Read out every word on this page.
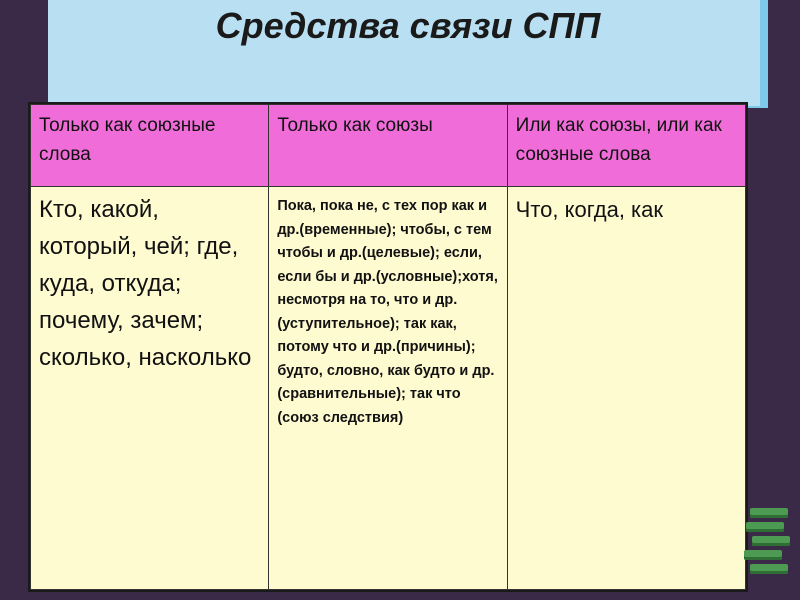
Средства связи СПП
Только как союзные слова	Только как союзы	Или как союзы, или как союзные слова
Кто, какой, который, чей; где, куда, откуда; почему, зачем; сколько, насколько	Пока, пока не, с тех пор как и др.(временные); чтобы, с тем чтобы и др.(целевые); если, если бы и др.(условные);хотя, несмотря на то, что и др.(уступительное); так как, потому что и др.(причины); будто, словно, как будто и др. (сравнительные); так что (союз следствия)	Что, когда, как
